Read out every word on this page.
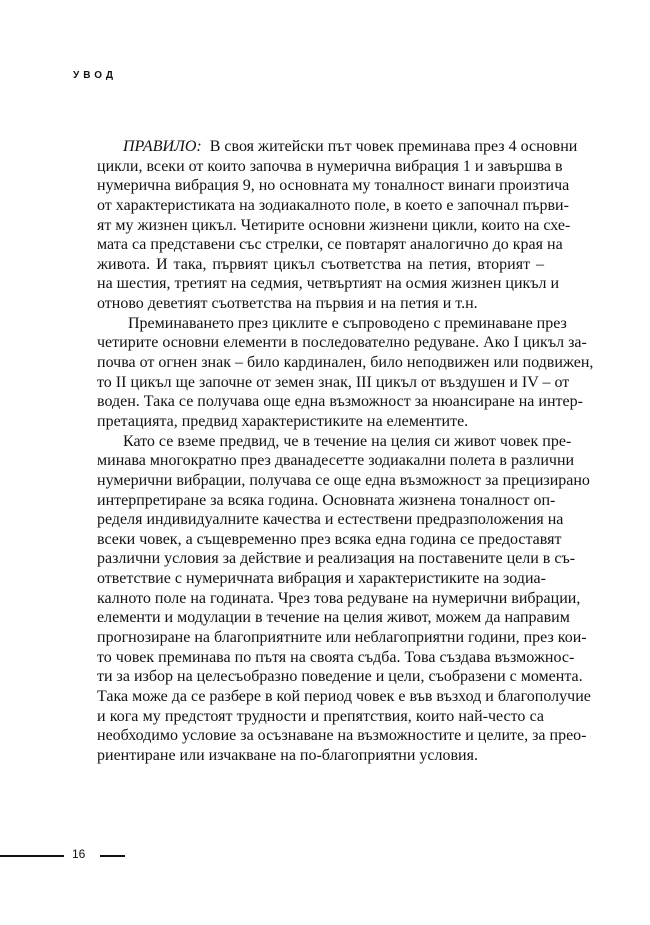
УВОД
ПРАВИЛО: В своя житейски път човек преминава през 4 основни
цикли, всеки от които започва в нумерична вибрация 1 и завършва в
нумерична вибрация 9, но основната му тоналност винаги произтича
от характеристиката на зодиакалното поле, в което е започнал първи-
ят му жизнен цикъл. Четирите основни жизнени цикли, които на схе-
мата са представени със стрелки, се повтарят аналогично до края на
живота. И така, първият цикъл съответства на петия, вторият –
на шестия, третият на седмия, четвъртият на осмия жизнен цикъл и
отново деветият съответства на първия и на петия и т.н.
Преминаването през циклите е съпроводено с преминаване през
четирите основни елементи в последователно редуване. Ако I цикъл за-
почва от огнен знак – било кардинален, било неподвижен или подвижен,
то II цикъл ще започне от земен знак, III цикъл от въздушен и IV – от
воден. Така се получава още една възможност за нюансиране на интер-
претацията, предвид характеристиките на елементите.
Като се вземе предвид, че в течение на целия си живот човек пре-
минава многократно през дванадесетте зодиакални полета в различни
нумерични вибрации, получава се още една възможност за прецизирано
интерпретиране за всяка година. Основната жизнена тоналност оп-
ределя индивидуалните качества и естествени предразположения на
всеки човек, а същевременно през всяка една година се предоставят
различни условия за действие и реализация на поставените цели в съ-
ответствие с нумеричната вибрация и характеристиките на зодиа-
калното поле на годината. Чрез това редуване на нумерични вибрации,
елементи и модулации в течение на целия живот, можем да направим
прогнозиране на благоприятните или неблагоприятни години, през кои-
то човек преминава по пътя на своята съдба. Това създава възможнос-
ти за избор на целесъобразно поведение и цели, съобразени с момента.
Така може да се разбере в кой период човек е във възход и благополучие
и кога му предстоят трудности и препятствия, които най-често са
необходимо условие за осъзнаване на възможностите и целите, за прео-
риентиране или изчакване на по-благоприятни условия.
16
